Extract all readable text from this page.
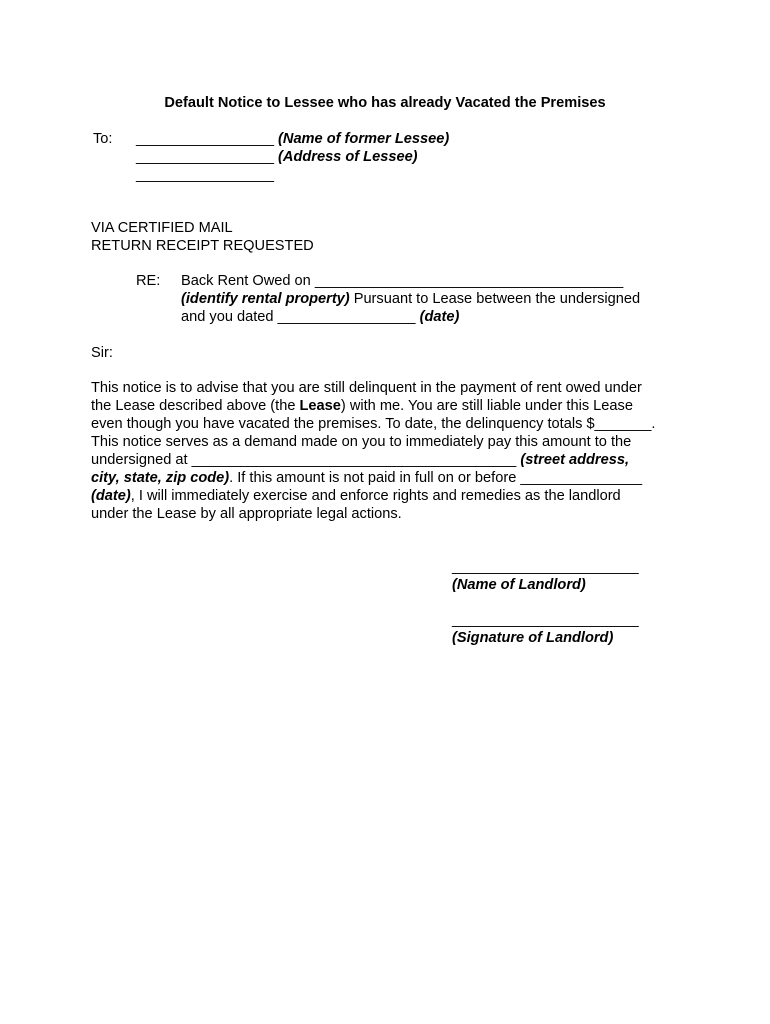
Default Notice to Lessee who has already Vacated the Premises
To: _________________ (Name of former Lessee)
_________________ (Address of Lessee)
_________________
VIA CERTIFIED MAIL
RETURN RECEIPT REQUESTED
RE: Back Rent Owed on ______________________________________
(identify rental property) Pursuant to Lease between the undersigned
and you dated _________________ (date)
Sir:
This notice is to advise that you are still delinquent in the payment of rent owed under
the Lease described above (the Lease) with me. You are still liable under this Lease
even though you have vacated the premises. To date, the delinquency totals $_______.
This notice serves as a demand made on you to immediately pay this amount to the
undersigned at ________________________________________ (street address,
city, state, zip code). If this amount is not paid in full on or before _______________
(date), I will immediately exercise and enforce rights and remedies as the landlord
under the Lease by all appropriate legal actions.
_______________________
(Name of Landlord)
_______________________
(Signature of Landlord)
